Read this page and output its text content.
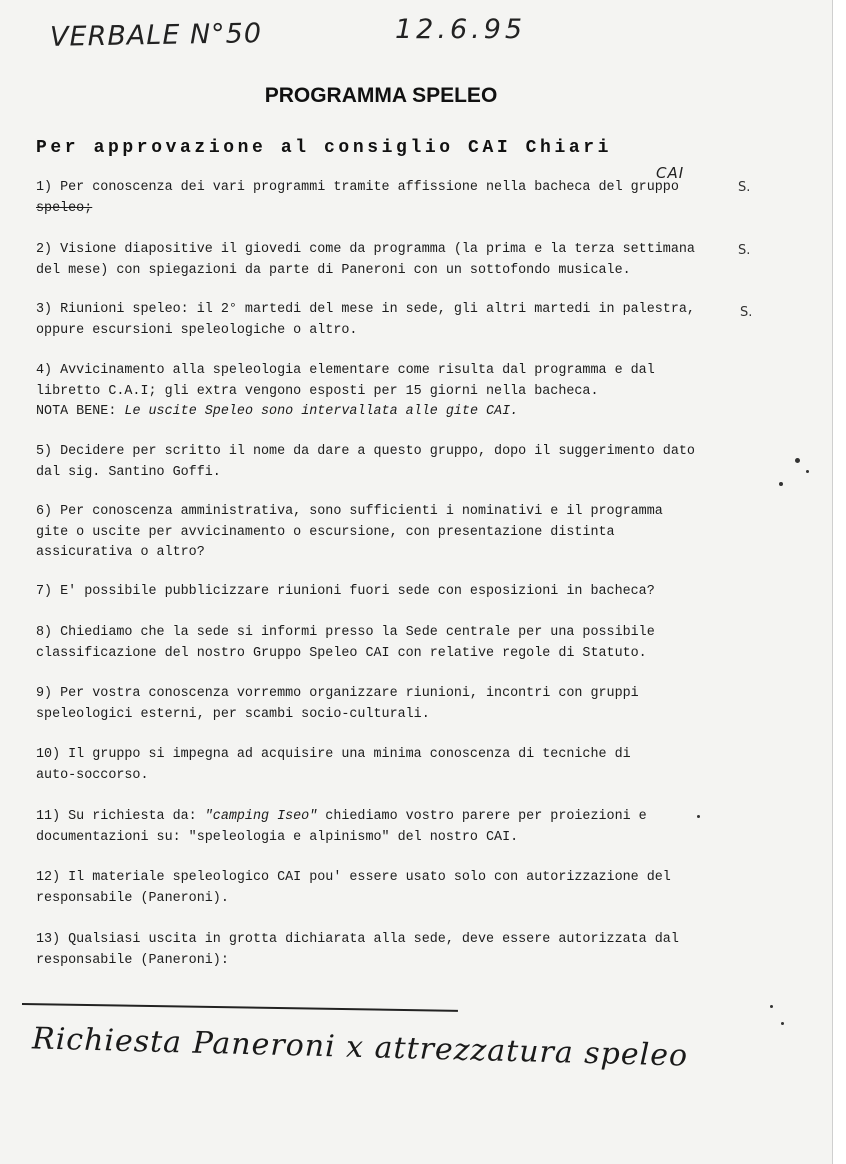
VERBALE N°50	12.6.95
PROGRAMMA SPELEO
Per approvazione al consiglio CAI Chiari
CAI
1) Per conoscenza dei vari programmi tramite affissione nella bacheca del gruppo
speleo;
S.
2) Visione diapositive il giovedi come da programma (la prima e la terza settimana
del mese) con spiegazioni da parte di Paneroni con un sottofondo musicale.
S.
3) Riunioni speleo: il 2° martedi del mese in sede, gli altri martedi in palestra,
oppure escursioni speleologiche o altro.
S.
4) Avvicinamento alla speleologia elementare come risulta dal programma e dal
libretto C.A.I; gli extra vengono esposti per 15 giorni nella bacheca.
NOTA BENE: Le uscite Speleo sono intervallata alle gite CAI.
5) Decidere per scritto il nome da dare a questo gruppo, dopo il suggerimento dato
dal sig. Santino Goffi.
6) Per conoscenza amministrativa, sono sufficienti i nominativi e il programma
gite o uscite per avvicinamento o escursione, con presentazione distinta
assicurativa o altro?
7) E' possibile pubblicizzare riunioni fuori sede con esposizioni in bacheca?
8) Chiediamo che la sede si informi presso la Sede centrale per una possibile
classificazione del nostro Gruppo Speleo CAI con relative regole di Statuto.
9) Per vostra conoscenza vorremmo organizzare riunioni, incontri con gruppi
speleologici esterni, per scambi socio-culturali.
10) Il gruppo si impegna ad acquisire una minima conoscenza di tecniche di
auto-soccorso.
11) Su richiesta da: "camping Iseo" chiediamo vostro parere per proiezioni e
documentazioni su: "speleologia e alpinismo" del nostro CAI.
12) Il materiale speleologico CAI pou' essere usato solo con autorizzazione del
responsabile (Paneroni).
13) Qualsiasi uscita in grotta dichiarata alla sede, deve essere autorizzata dal
responsabile (Paneroni):
Richiesta Paneroni x attrezzatura speleo
